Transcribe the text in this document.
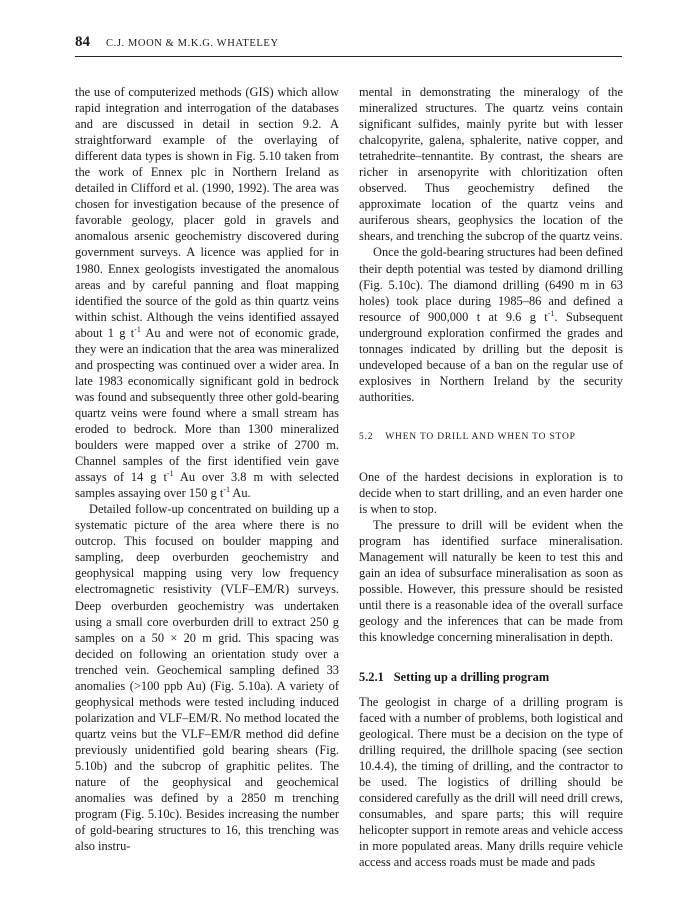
84 C.J. MOON & M.K.G. WHATELEY

the use of computerized methods (GIS) which allow rapid integration and interrogation of the databases and are discussed in detail in section 9.2. A straightforward example of the overlaying of different data types is shown in Fig. 5.10 taken from the work of Ennex plc in Northern Ireland as detailed in Clifford et al. (1990, 1992). The area was chosen for investigation because of the presence of favorable geology, placer gold in gravels and anomalous arsenic geochemistry discovered during government surveys. A licence was applied for in 1980. Ennex geologists investigated the anomalous areas and by careful panning and float mapping identified the source of the gold as thin quartz veins within schist. Although the veins identified assayed about 1 g $t^{-1}$ Au and were not of economic grade, they were an indication that the area was mineralized and prospecting was continued over a wider area. In late 1983 economically significant gold in bedrock was found and subsequently three other gold-bearing quartz veins were found where a small stream has eroded to bedrock. More than 1300 mineralized boulders were mapped over a strike of 2700 m. Channel samples of the first identified vein gave assays of 14 g $t^{-1}$ Au over 3.8 m with selected samples assaying over 150 g $t^{-1}$ Au.

Detailed follow-up concentrated on building up a systematic picture of the area where there is no outcrop. This focused on boulder mapping and sampling, deep overburden geochemistry and geophysical mapping using very low frequency electromagnetic resistivity (VLF–EM/R) surveys. Deep overburden geochemistry was undertaken using a small core overburden drill to extract 250 g samples on a 50 × 20 m grid. This spacing was decided on following an orientation study over a trenched vein. Geochemical sampling defined 33 anomalies (>100 ppb Au) (Fig. 5.10a). A variety of geophysical methods were tested including induced polarization and VLF–EM/R. No method located the quartz veins but the VLF–EM/R method did define previously unidentified gold bearing shears (Fig. 5.10b) and the subcrop of graphitic pelites. The nature of the geophysical and geochemical anomalies was defined by a 2850 m trenching program (Fig. 5.10c). Besides increasing the number of gold-bearing structures to 16, this trenching was also instru-

mental in demonstrating the mineralogy of the mineralized structures. The quartz veins contain significant sulfides, mainly pyrite but with lesser chalcopyrite, galena, sphalerite, native copper, and tetrahedrite–tennantite. By contrast, the shears are richer in arsenopyrite with chloritization often observed. Thus geochemistry defined the approximate location of the quartz veins and auriferous shears, geophysics the location of the shears, and trenching the subcrop of the quartz veins.

Once the gold-bearing structures had been defined their depth potential was tested by diamond drilling (Fig. 5.10c). The diamond drilling (6490 m in 63 holes) took place during 1985–86 and defined a resource of 900,000 t at 9.6 g $t^{-1}$. Subsequent underground exploration confirmed the grades and tonnages indicated by drilling but the deposit is undeveloped because of a ban on the regular use of explosives in Northern Ireland by the security authorities.

5.2 WHEN TO DRILL AND WHEN TO STOP

One of the hardest decisions in exploration is to decide when to start drilling, and an even harder one is when to stop.

The pressure to drill will be evident when the program has identified surface mineralisation. Management will naturally be keen to test this and gain an idea of subsurface mineralisation as soon as possible. However, this pressure should be resisted until there is a reasonable idea of the overall surface geology and the inferences that can be made from this knowledge concerning mineralisation in depth.

5.2.1 Setting up a drilling program

The geologist in charge of a drilling program is faced with a number of problems, both logistical and geological. There must be a decision on the type of drilling required, the drillhole spacing (see section 10.4.4), the timing of drilling, and the contractor to be used. The logistics of drilling should be considered carefully as the drill will need drill crews, consumables, and spare parts; this will require helicopter support in remote areas and vehicle access in more populated areas. Many drills require vehicle access and access roads must be made and pads
